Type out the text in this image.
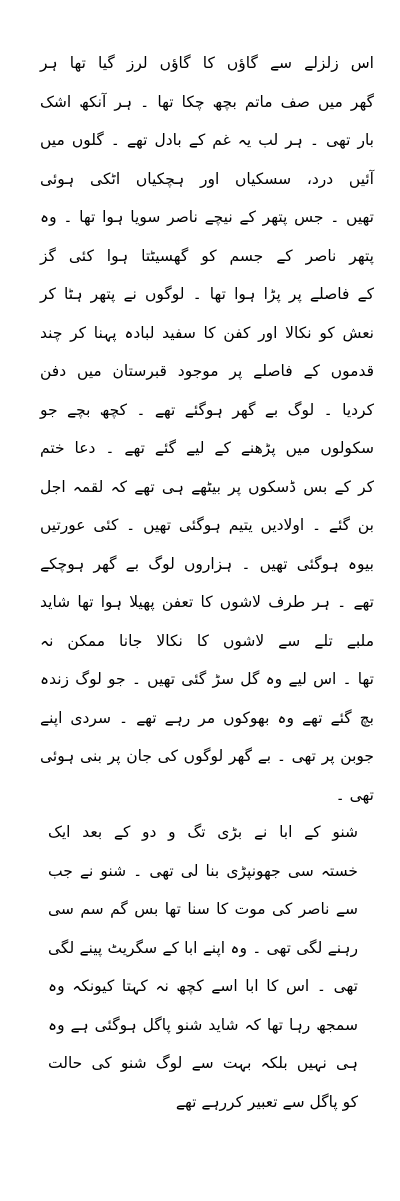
اس زلزلے سے گاؤں کا گاؤں لرز گیا تھا ہر
گھر میں صف ماتم بچھ چکا تھا ۔ ہر آنکھ اشک
بار تھی ۔ ہر لب یہ غم کے بادل تھے ۔ گلوں میں
آئیں درد، سسکیاں اور ہچکیاں اٹکی ہوئی
تھیں ۔ جس پتھر کے نیچے ناصر سویا ہوا تھا ۔ وہ
پتھر ناصر کے جسم کو گھسیٹتا ہوا کئی گز
کے فاصلے پر پڑا ہوا تھا ۔ لوگوں نے پتھر ہٹا کر
نعش کو نکالا اور کفن کا سفید لبادہ پہنا کر چند
قدموں کے فاصلے پر موجود قبرستان میں دفن
کردیا ۔ لوگ بے گھر ہوگئے تھے ۔ کچھ بچے جو
سکولوں میں پڑھنے کے لیے گئے تھے ۔ دعا ختم
کر کے بس ڈسکوں پر بیٹھے ہی تھے کہ لقمہ اجل
بن گئے ۔ اولادیں یتیم ہوگئی تھیں ۔ کئی عورتیں
بیوہ ہوگئی تھیں ۔ ہزاروں لوگ بے گھر ہوچکے
تھے ۔ ہر طرف لاشوں کا تعفن پھیلا ہوا تھا شاید
ملبے تلے سے لاشوں کا نکالا جانا ممکن نہ
تھا ۔ اس لیے وہ گل سڑ گئی تھیں ۔ جو لوگ زندہ
بچ گئے تھے وہ بھوکوں مر رہے تھے ۔ سردی اپنے
جوبن پر تھی ۔ بے گھر لوگوں کی جان پر بنی ہوئی
تھی ۔
شنو کے ابا نے بڑی تگ و دو کے بعد ایک
خستہ سی جھونپڑی بنا لی تھی ۔ شنو نے جب
سے ناصر کی موت کا سنا تھا بس گم سم سی
رہنے لگی تھی ۔ وہ اپنے ابا کے سگریٹ پینے لگی
تھی ۔ اس کا ابا اسے کچھ نہ کہتا کیونکہ وہ
سمجھ رہا تھا کہ شاید شنو پاگل ہوگئی ہے وہ
ہی نہیں بلکہ بہت سے لوگ شنو کی حالت
کو پاگل سے تعبیر کررہے تھے
